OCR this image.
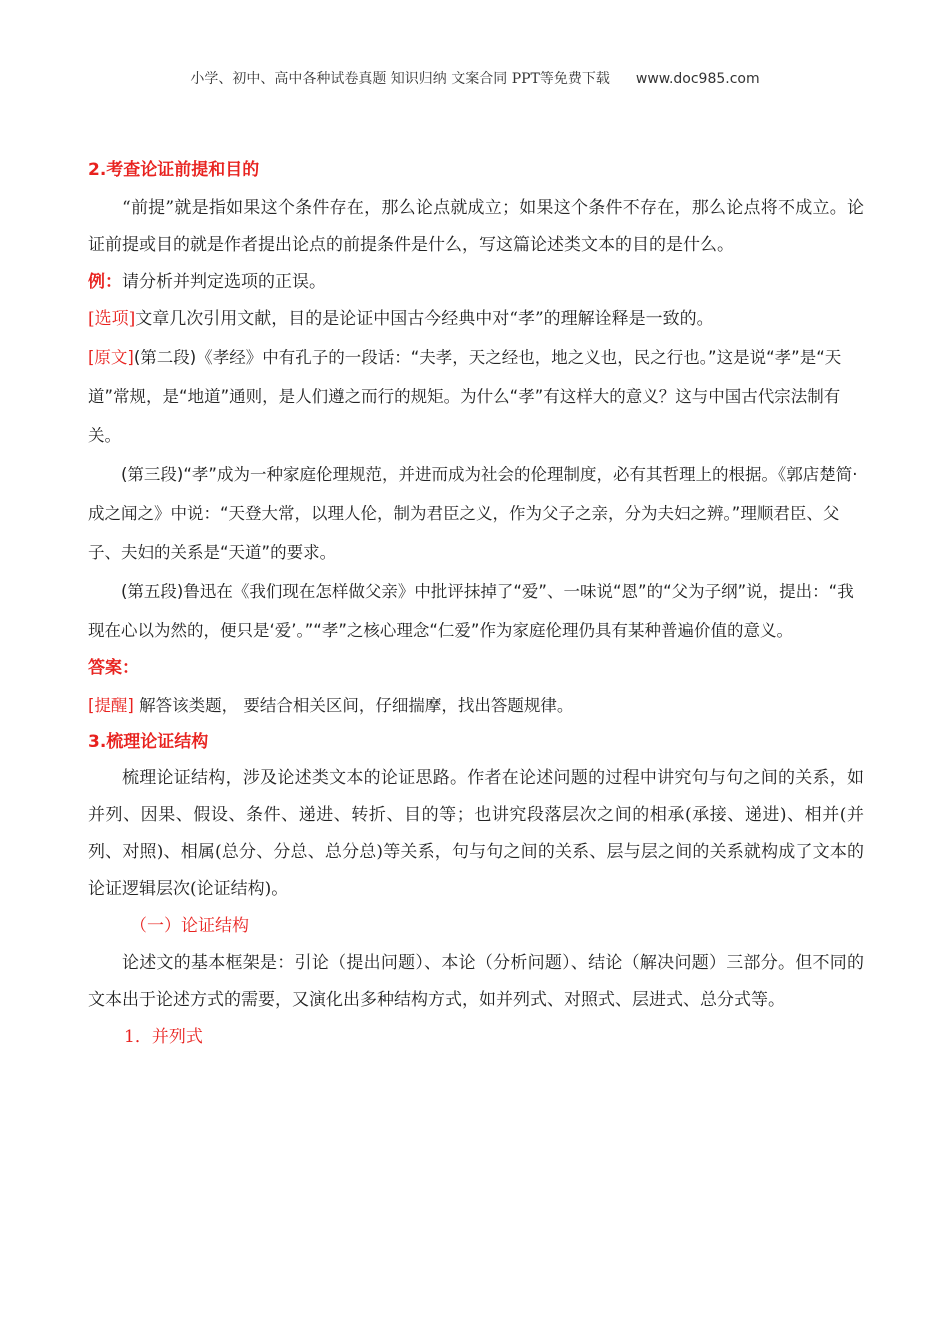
小学、初中、高中各种试卷真题 知识归纳 文案合同 PPT等免费下载 www.doc985.com
2.考查论证前提和目的

“前提”就是指如果这个条件存在，那么论点就成立；如果这个条件不存在，那么论点将不成立。论证前提或目的就是作者提出论点的前提条件是什么，写这篇论述类文本的目的是什么。

例：请分析并判定选项的正误。
[选项]文章几次引用文献，目的是论证中国古今经典中对“孝”的理解诠释是一致的。

[原文](第二段)《孝经》中有孔子的一段话：“夫孝，天之经也，地之义也，民之行也。”这是说“孝”是“天道”常规，是“地道”通则，是人们遵之而行的规矩。为什么“孝”有这样大的意义？这与中国古代宗法制有关。

(第三段)“孝”成为一种家庭伦理规范，并进而成为社会的伦理制度，必有其哲理上的根据。《郭店楚简·成之闻之》中说：“天登大常，以理人伦，制为君臣之义，作为父子之亲，分为夫妇之辨。”理顺君臣、父子、夫妇的关系是“天道”的要求。

(第五段)鲁迅在《我们现在怎样做父亲》中批评抹掉了“爱”、一味说“恩”的“父为子纲”说，提出：“我现在心以为然的，便只是‘爱’。”“孝”之核心理念“仁爱”作为家庭伦理仍具有某种普遍价值的意义。

答案：
[提醒] 解答该类题， 要结合相关区间，仔细揣摩，找出答题规律。
3.梳理论证结构

梳理论证结构，涉及论述类文本的论证思路。作者在论述问题的过程中讲究句与句之间的关系，如并列、因果、假设、条件、递进、转折、目的等；也讲究段落层次之间的相承(承接、递进)、相并(并列、对照)、相属(总分、分总、总分总)等关系，句与句之间的关系、层与层之间的关系就构成了文本的论证逻辑层次(论证结构)。

（一）论证结构

论述文的基本框架是：引论（提出问题）、本论（分析问题）、结论（解决问题）三部分。但不同的文本出于论述方式的需要，又演化出多种结构方式，如并列式、对照式、层进式、总分式等。

1．并列式
